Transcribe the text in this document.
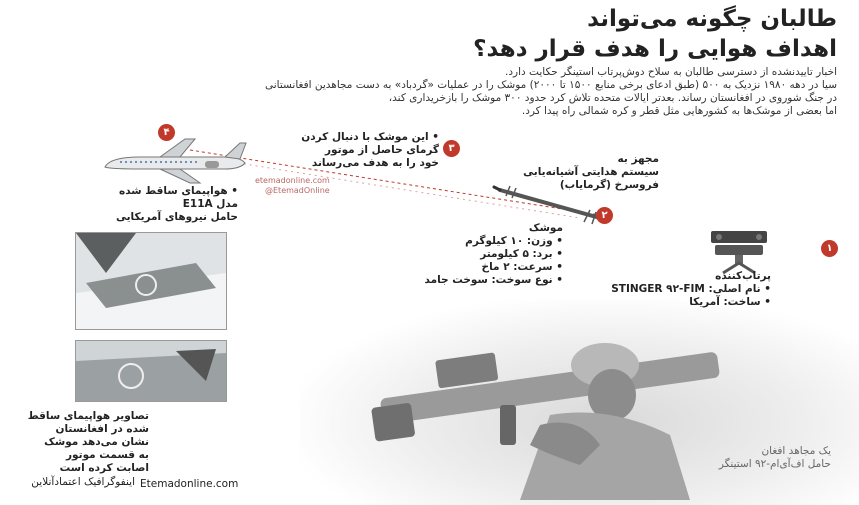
طالبان چگونه می‌تواند
اهداف هوایی را هدف قرار دهد؟
اخبار تاییدنشده از دسترسی طالبان به سلاح دوش‌پرتاب استینگر حکایت دارد.
سیا در دهه ۱۹۸۰ نزدیک به ۵۰۰ (طبق ادعای برخی منابع ۱۵۰۰ تا ۲۰۰۰) موشک را در عملیات «گردباد» به دست مجاهدین افغانستانی
در جنگ شوروی در افغانستان رساند. بعدتر ایالات متحده تلاش کرد حدود ۳۰۰ موشک را بازخریداری کند،
اما بعضی از موشک‌ها به کشورهایی مثل قطر و کره شمالی راه پیدا کرد.
etemadonline.com
@EtemadOnline
۴
• هواپیمای ساقط شده
مدل E11A
حامل نیروهای آمریکایی
۳
• این موشک با دنبال کردن
گرمای حاصل از موتور
خود را به هدف می‌رساند	مجهز به
سیستم هدایتی آشیانه‌یابی
فروسرخ (گرمایاب)
۲
موشک
• وزن: ۱۰ کیلوگرم
• برد: ۵ کیلومتر
• سرعت: ۲ ماخ
• نوع سوخت: سوخت جامد
۱
پرتاب‌کننده
• نام اصلی: STINGER ۹۲-FIM
• ساخت: آمریکا
تصاویر هواپیمای ساقط
شده در افغانستان
نشان می‌دهد موشک
به قسمت موتور
اصابت کرده است
یک مجاهد افغان
حامل اف‌آی‌ام-۹۲ استینگر
Etemadonline.com
اینفوگرافیک اعتمادآنلاین
